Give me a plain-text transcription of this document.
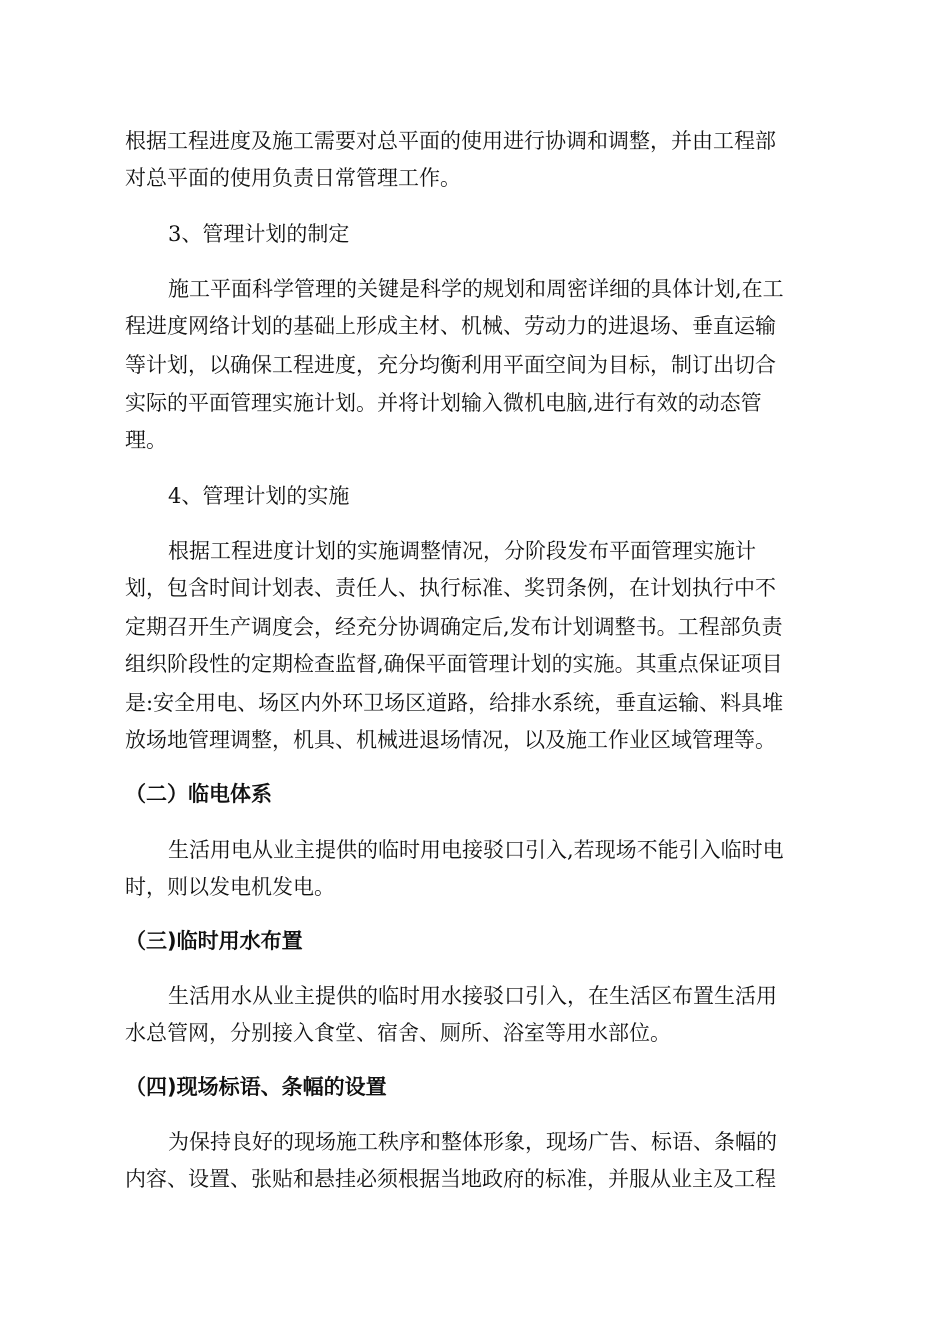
根据工程进度及施工需要对总平面的使用进行协调和调整，并由工程部
对总平面的使用负责日常管理工作。
3、管理计划的制定
施工平面科学管理的关键是科学的规划和周密详细的具体计划,在工
程进度网络计划的基础上形成主材、机械、劳动力的进退场、垂直运输
等计划，以确保工程进度，充分均衡利用平面空间为目标，制订出切合
实际的平面管理实施计划。并将计划输入微机电脑,进行有效的动态管
理。
4、管理计划的实施
根据工程进度计划的实施调整情况，分阶段发布平面管理实施计
划，包含时间计划表、责任人、执行标准、奖罚条例，在计划执行中不
定期召开生产调度会，经充分协调确定后,发布计划调整书。工程部负责
组织阶段性的定期检查监督,确保平面管理计划的实施。其重点保证项目
是:安全用电、场区内外环卫场区道路，给排水系统，垂直运输、料具堆
放场地管理调整，机具、机械进退场情况，以及施工作业区域管理等。
（二）临电体系
生活用电从业主提供的临时用电接驳口引入,若现场不能引入临时电
时，则以发电机发电。
（三)临时用水布置
生活用水从业主提供的临时用水接驳口引入，在生活区布置生活用
水总管网，分别接入食堂、宿舍、厕所、浴室等用水部位。
（四)现场标语、条幅的设置
为保持良好的现场施工秩序和整体形象，现场广告、标语、条幅的
内容、设置、张贴和悬挂必须根据当地政府的标准，并服从业主及工程
